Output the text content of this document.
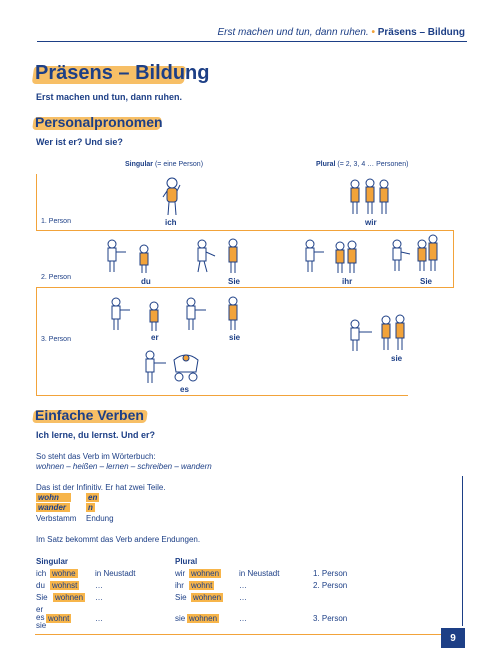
Erst machen und tun, dann ruhen. • Präsens – Bildung
Präsens – Bildung
Erst machen und tun, dann ruhen.
Personalpronomen
Wer ist er? Und sie?
Singular (= eine Person)	Plural (= 2, 3, 4 … Personen)
1. Person
2. Person
3. Person
ich	wir
du	Sie	ihr	Sie
er	sie
es
sie
Einfache Verben
Ich lerne, du lernst. Und er?
So steht das Verb im Wörterbuch:
wohnen – heißen – lernen – schreiben – wandern
Das ist der Infinitiv. Er hat zwei Teile.
wohn	en
wander	n
Verbstamm Endung
Im Satz bekommt das Verb andere Endungen.
Singular	Plural
ich wohne in Neustadt	wir wohnen in Neustadt	1. Person
du wohnst …	ihr wohnt	…	2. Person
Sie wohnen …	Sie wohnen …
er
es
sie
wohnt	…	sie wohnen	…	3. Person
9
